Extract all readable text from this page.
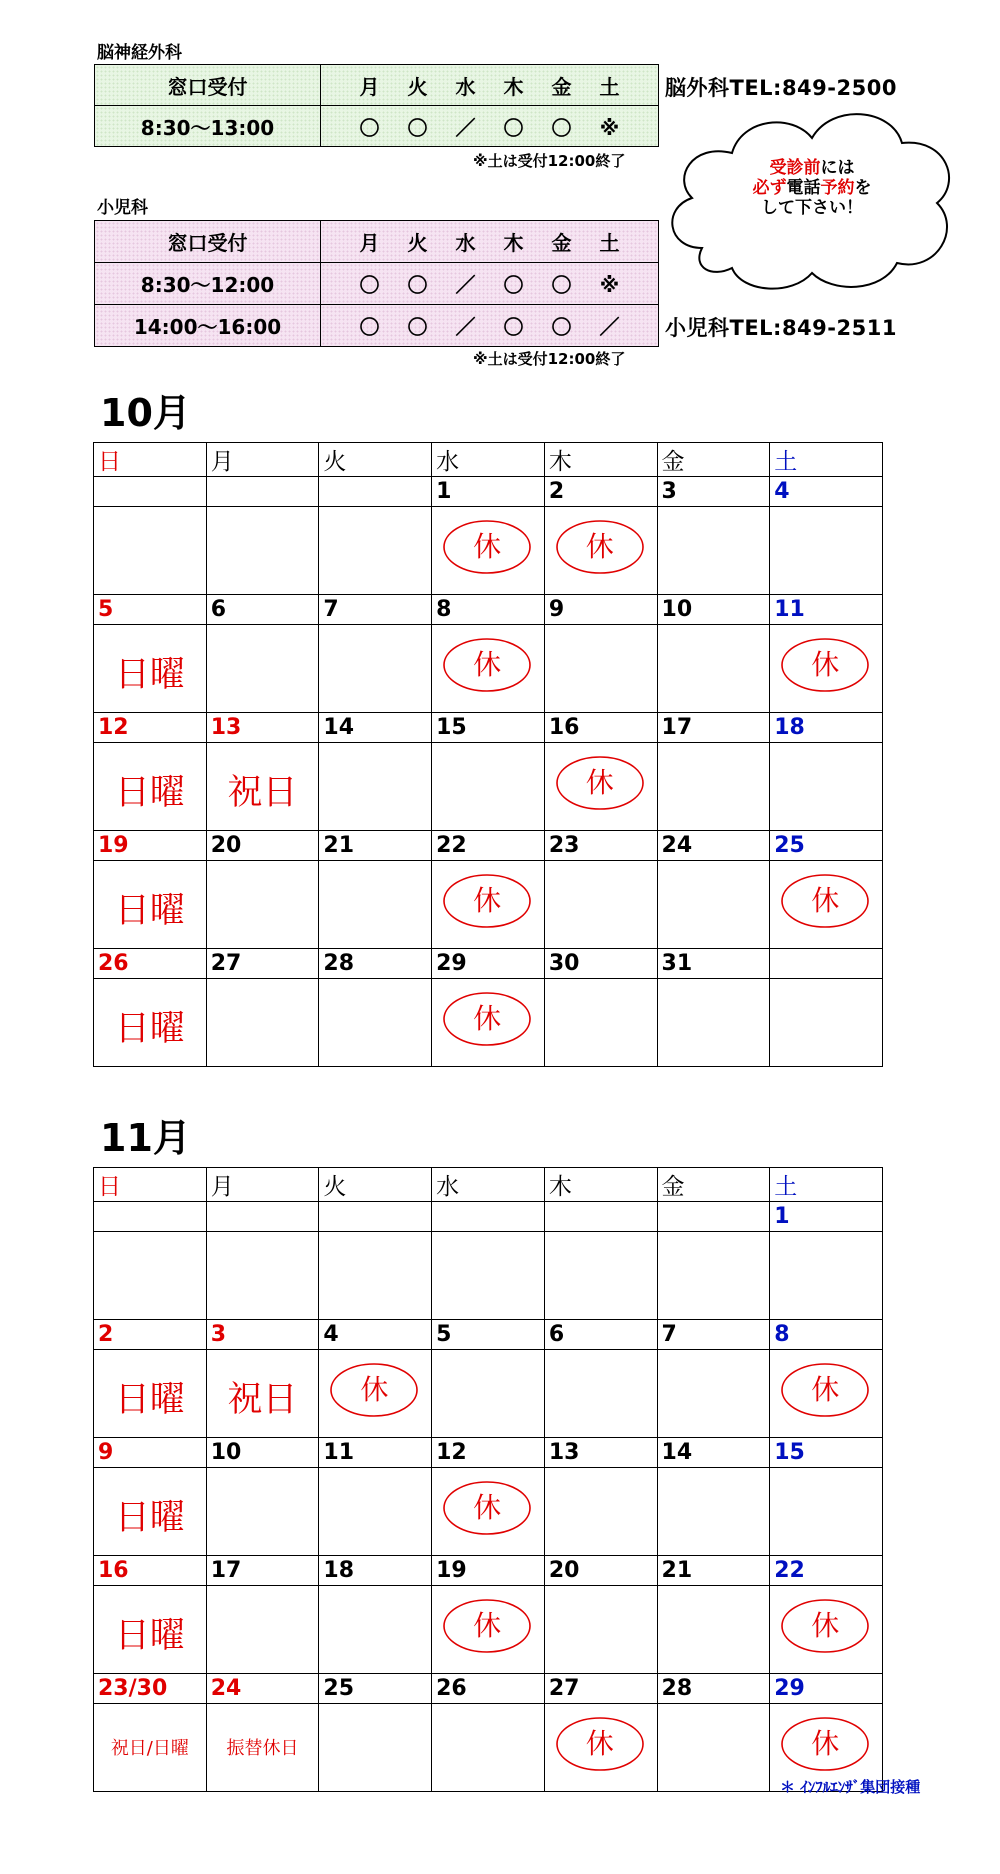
脳神経外科
窓口受付	月 火 水 木 金 土
8:30～13:00	〇 〇 ／ 〇 〇 ※
脳外科TEL:849-2500
※土は受付12:00終了	受診前には
必ず電話予約を
して下さい！
小児科
窓口受付	月 火 水 木 金 土
8:30～12:00	〇 〇 ／ 〇 〇 ※
14:00～16:00	〇 〇 ／ 〇 〇 ／ 小児科TEL:849-2511
※土は受付12:00終了
10月
日	月	火	水	木	金	土
			1	2	3	4

			休	休		

5	6	7	8	9	10	11

日曜			休			休

12	13	14	15	16	17	18

日曜	祝日			休		

19	20	21	22	23	24	25

日曜			休			休

26	27	28	29	30	31	

日曜			休			

11月
日	月	火	水	木	金	土
						1

2	3	4	5	6	7	8

日曜	祝日	休				休

9	10	11	12	13	14	15

日曜			休			

16	17	18	19	20	21	22

日曜			休			休

23/30	24	25	26	27	28	29

祝日/日曜	振替休日			休		休
＊ ｲﾝﾌﾙｴﾝｻﾞ集団接種
